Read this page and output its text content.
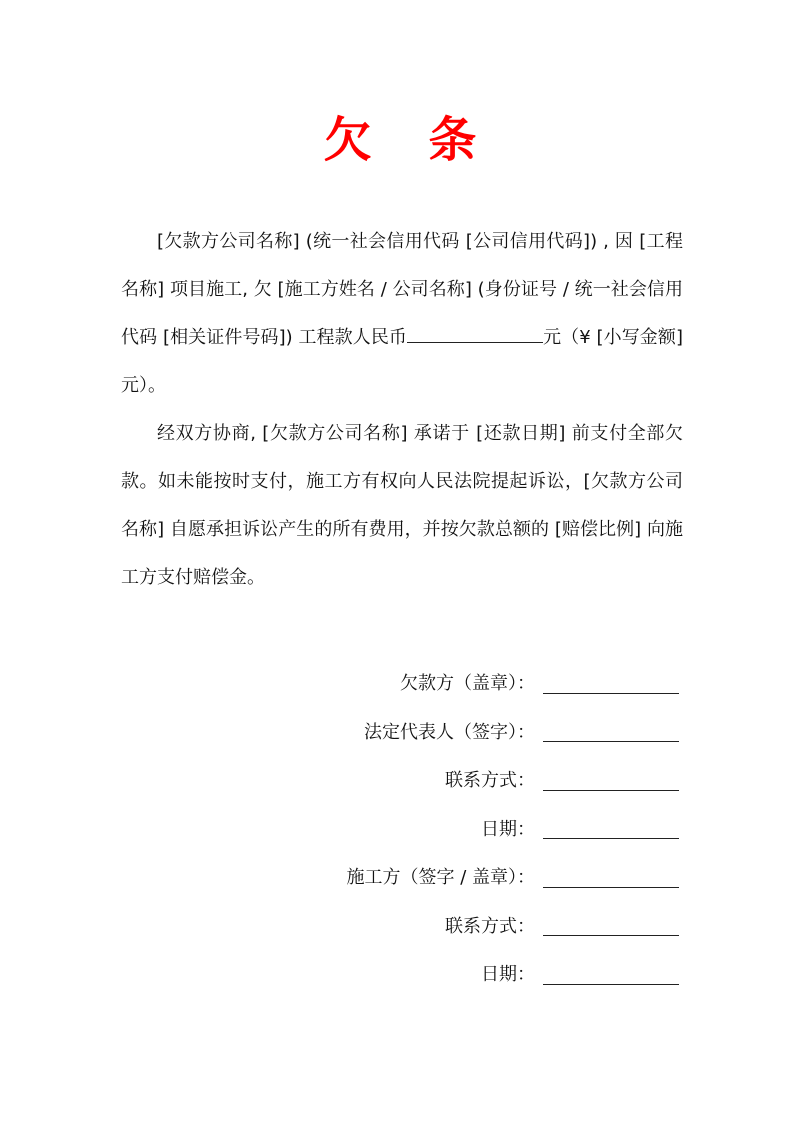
欠 条

[欠款方公司名称] (统一社会信用代码 [公司信用代码]) , 因 [工程名称] 项目施工, 欠 [施工方姓名 / 公司名称] (身份证号 / 统一社会信用代码 [相关证件号码]) 工程款人民币	元（¥ [小写金额] 元）。

经双方协商, [欠款方公司名称] 承诺于 [还款日期] 前支付全部欠款。如未能按时支付，施工方有权向人民法院提起诉讼，[欠款方公司名称] 自愿承担诉讼产生的所有费用，并按欠款总额的 [赔偿比例] 向施工方支付赔偿金。

欠款方（盖章）：
法定代表人（签字）：
联系方式：
日期：
施工方（签字 / 盖章）：
联系方式：
日期：
